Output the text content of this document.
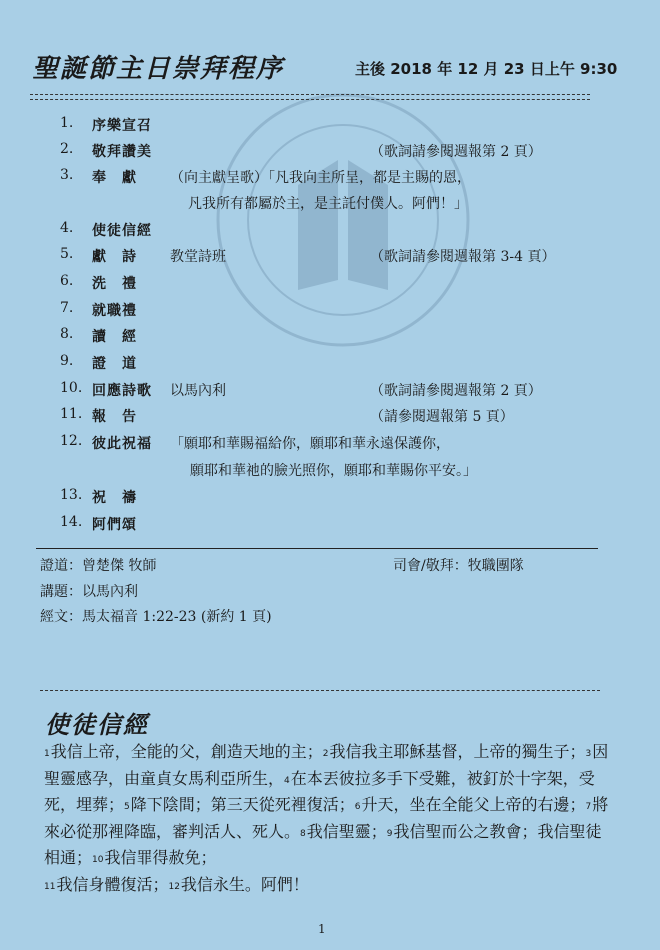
聖誕節主日崇拜程序	主後 2018 年 12 月 23 日上午 9:30
1.	序樂宣召
2.	敬拜讚美	（歌詞請參閱週報第 2 頁）
3.	奉　獻	（向主獻呈歌）「凡我向主所呈，都是主賜的恩，
凡我所有都屬於主，是主託付僕人。阿們！」
4.	使徒信經
5.	獻　詩	教堂詩班	（歌詞請參閱週報第 3-4 頁）
6.	洗　禮
7.	就職禮
8.	讀　經
9.	證　道
10. 回應詩歌	以馬內利	（歌詞請參閱週報第 2 頁）
11. 報　告	（請參閱週報第 5 頁）
12. 彼此祝福	「願耶和華賜福給你，願耶和華永遠保護你，
願耶和華祂的臉光照你，願耶和華賜你平安。」
13. 祝　禱
14. 阿們頌
證道：曾楚傑 牧師	司會/敬拜：牧職團隊
講題：以馬內利
經文：馬太福音 1:22-23 (新約 1 頁)
使徒信經
$^1$我信上帝，全能的父，創造天地的主；$^2$我信我主耶穌基督，上帝的獨生子；$^3$因聖靈感孕，由童貞女馬利亞所生，$^4$在本丟彼拉多手下受難，被釘於十字架，受死，埋葬；$^5$降下陰間；第三天從死裡復活；$^6$升天，坐在全能父上帝的右邊；$^7$將來必從那裡降臨，審判活人、死人。$^8$我信聖靈；$^9$我信聖而公之教會；我信聖徒相通；$^{10}$我信罪得赦免；
$^{11}$我信身體復活；$^{12}$我信永生。阿們！
1
